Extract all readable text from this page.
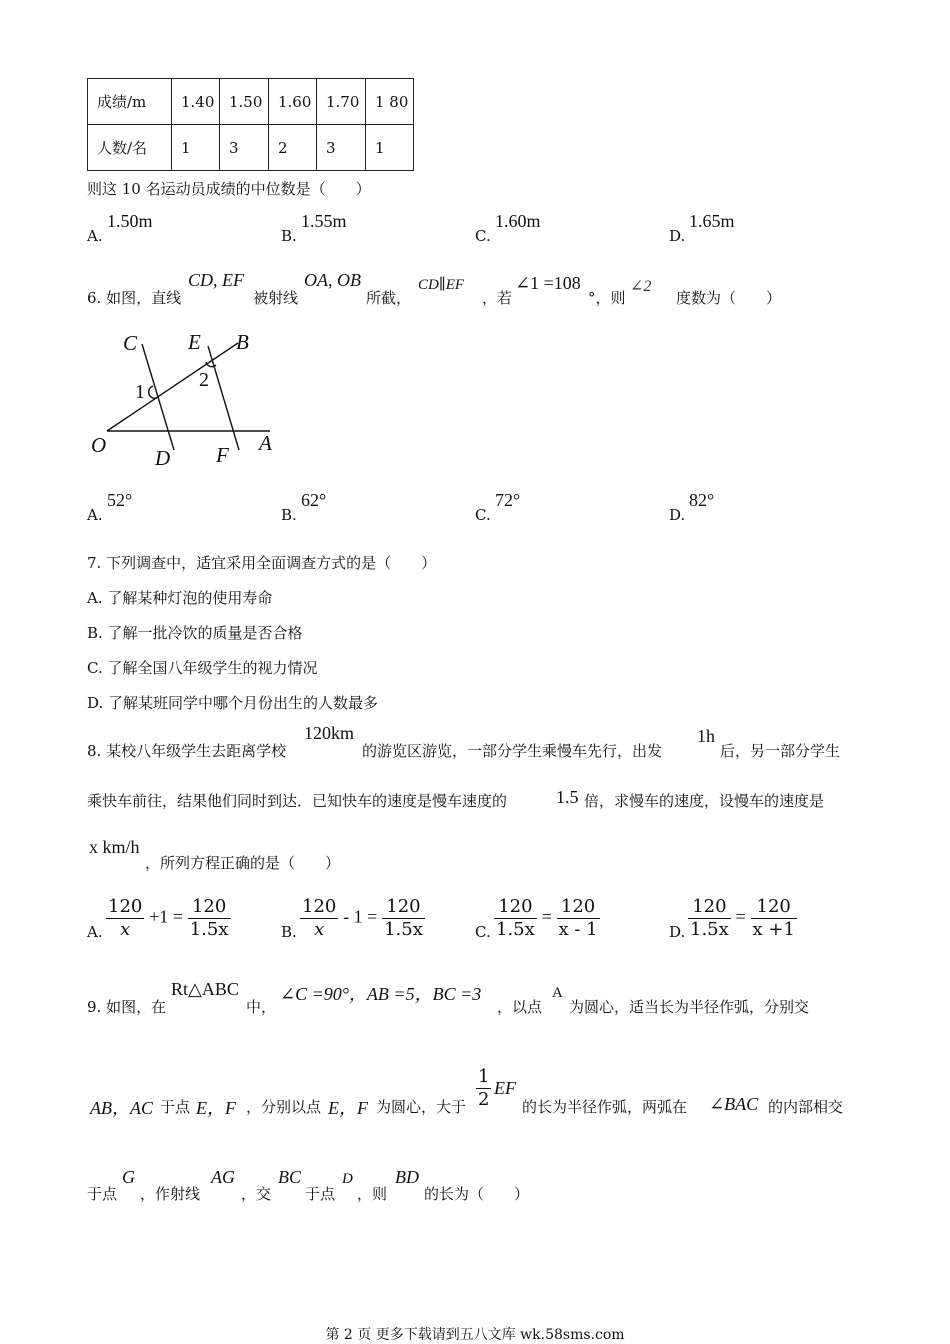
成绩/m	1.40	1.50	1.60	1.70	1 80
人数/名	1	3	2	3	1
则这 10 名运动员成绩的中位数是（　　）
A.
1.50m
B.
1.55m
C.
1.60m
D.
1.65m
6. 如图，直线
CD, EF
被射线
OA, OB
所截，
CD∥EF
，若
∠1 =108
°，则
∠2
度数为（　　）
C E B
O
D F A
1
2
A.
52°
B.
62°
C.
72°
D.
82°
7. 下列调查中，适宜采用全面调查方式的是（　　）
A. 了解某种灯泡的使用寿命
B. 了解一批冷饮的质量是否合格
C. 了解全国八年级学生的视力情况
D. 了解某班同学中哪个月份出生的人数最多
8. 某校八年级学生去距离学校
120km
的游览区游览，一部分学生乘慢车先行，出发
1h
后，另一部分学生
乘快车前往，结果他们同时到达．已知快车的速度是慢车速度的	1.5 倍，求慢车的速度，设慢车的速度是
x km/h
，所列方程正确的是（　　）
A. $\frac{120}{x} +1 = \frac{120}{1.5x}$	B. $\frac{120}{x} - 1 = \frac{120}{1.5x}$	C. $\frac{120}{1.5x} = \frac{120}{x - 1}$	D. $\frac{120}{1.5x} = \frac{120}{x +1}$
9. 如图，在
Rt△ABC
中，
∠C =90°，AB =5，BC =3
，以点
A
为圆心，适当长为半径作弧，分别交
AB，AC 于点 E，F ，分别以点 E，F 为圆心，大于 $\frac{1}{2}$ EF
的长为半径作弧，两弧在 ∠BAC 的内部相交
于点
G
，作射线
AG
，交
BC
于点
D
，则
BD
的长为（　　）
第 2 页 更多下载请到五八文库 wk.58sms.com
